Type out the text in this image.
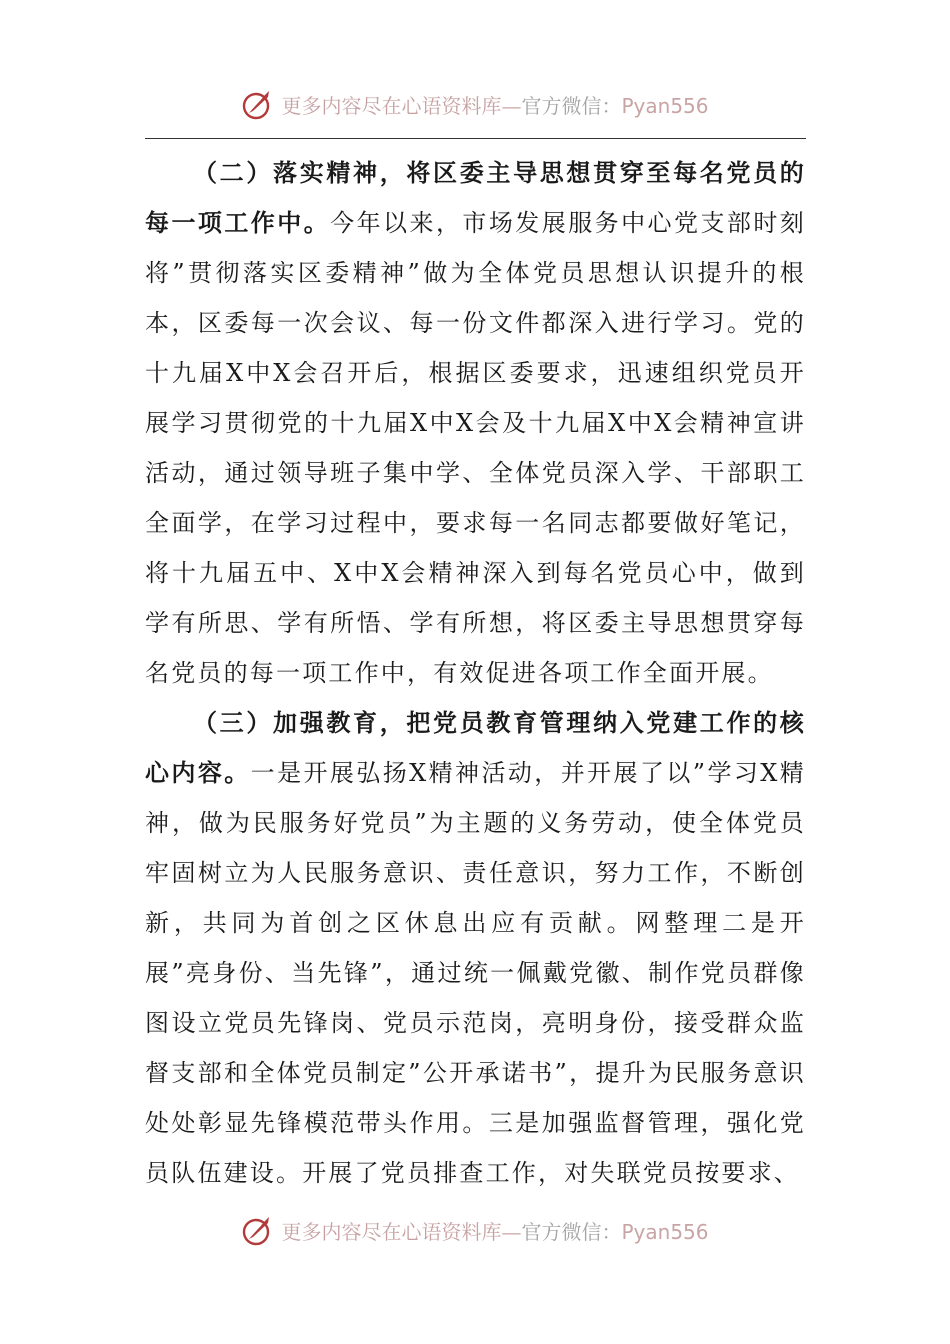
更多内容尽在心语资料库—官方微信：Pyan556

（二）落实精神，将区委主导思想贯穿至每名党员的每一项工作中。今年以来，市场发展服务中心党支部时刻将”贯彻落实区委精神”做为全体党员思想认识提升的根本，区委每一次会议、每一份文件都深入进行学习。党的十九届X中X会召开后，根据区委要求，迅速组织党员开展学习贯彻党的十九届X中X会及十九届X中X会精神宣讲活动，通过领导班子集中学、全体党员深入学、干部职工全面学，在学习过程中，要求每一名同志都要做好笔记，将十九届五中、X中X会精神深入到每名党员心中，做到学有所思、学有所悟、学有所想，将区委主导思想贯穿每名党员的每一项工作中，有效促进各项工作全面开展。

（三）加强教育，把党员教育管理纳入党建工作的核心内容。一是开展弘扬X精神活动，并开展了以”学习X精神，做为民服务好党员”为主题的义务劳动，使全体党员牢固树立为人民服务意识、责任意识，努力工作，不断创新，共同为首创之区休息出应有贡献。网整理二是开展”亮身份、当先锋”，通过统一佩戴党徽、制作党员群像图设立党员先锋岗、党员示范岗，亮明身份，接受群众监督支部和全体党员制定”公开承诺书”，提升为民服务意识处处彰显先锋模范带头作用。三是加强监督管理，强化党员队伍建设。开展了党员排查工作，对失联党员按要求、

更多内容尽在心语资料库—官方微信：Pyan556
